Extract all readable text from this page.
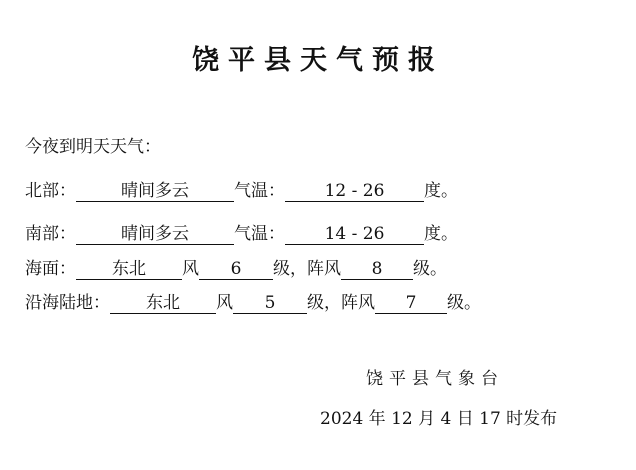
饶平县天气预报
今夜到明天天气：
北部：	晴间多云	气温： 12 - 26 度。
南部：	晴间多云	气温： 14 - 26 度。
海面： 东北 风 6 级，阵风 8 级。
沿海陆地： 东北 风 5 级，阵风 7 级。
饶平县气象台
2024 年 12 月 4 日 17 时发布
